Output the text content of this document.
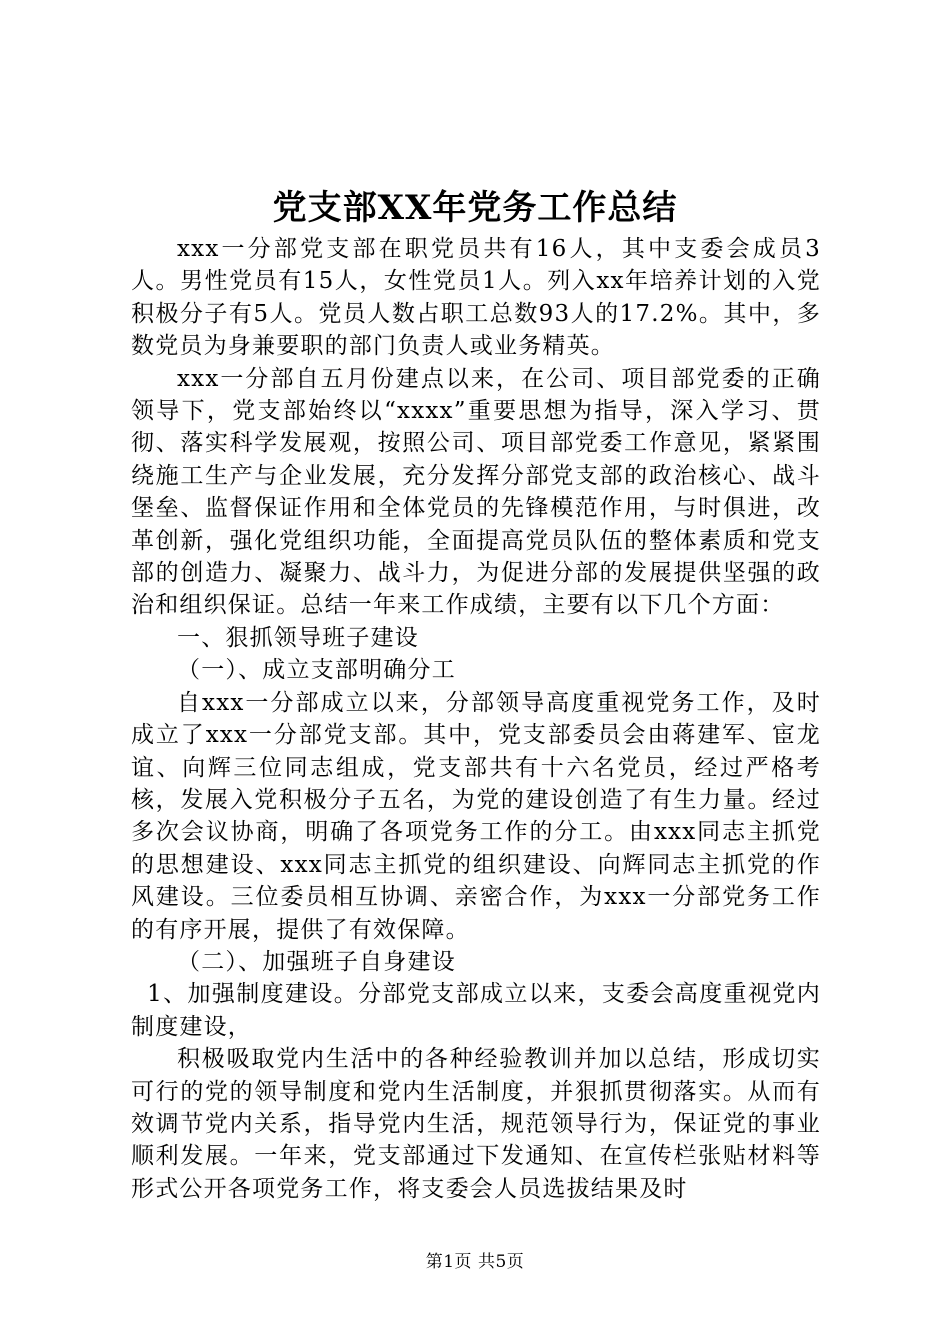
党支部XX年党务工作总结

xxx一分部党支部在职党员共有16人，其中支委会成员3人。男性党员有15人，女性党员1人。列入xx年培养计划的入党积极分子有5人。党员人数占职工总数93人的17.2%。其中，多数党员为身兼要职的部门负责人或业务精英。

xxx一分部自五月份建点以来，在公司、项目部党委的正确领导下，党支部始终以“xxxx”重要思想为指导，深入学习、贯彻、落实科学发展观，按照公司、项目部党委工作意见，紧紧围绕施工生产与企业发展，充分发挥分部党支部的政治核心、战斗堡垒、监督保证作用和全体党员的先锋模范作用，与时俱进，改革创新，强化党组织功能，全面提高党员队伍的整体素质和党支部的创造力、凝聚力、战斗力，为促进分部的发展提供坚强的政治和组织保证。总结一年来工作成绩，主要有以下几个方面：

一、狠抓领导班子建设

（一）、成立支部明确分工

自xxx一分部成立以来，分部领导高度重视党务工作，及时成立了xxx一分部党支部。其中，党支部委员会由蒋建军、宦龙谊、向辉三位同志组成，党支部共有十六名党员，经过严格考核，发展入党积极分子五名，为党的建设创造了有生力量。经过多次会议协商，明确了各项党务工作的分工。由xxx同志主抓党的思想建设、xxx同志主抓党的组织建设、向辉同志主抓党的作风建设。三位委员相互协调、亲密合作，为xxx一分部党务工作的有序开展，提供了有效保障。

（二）、加强班子自身建设

1、加强制度建设。分部党支部成立以来，支委会高度重视党内制度建设，

积极吸取党内生活中的各种经验教训并加以总结，形成切实可行的党的领导制度和党内生活制度，并狠抓贯彻落实。从而有效调节党内关系，指导党内生活，规范领导行为，保证党的事业顺利发展。一年来，党支部通过下发通知、在宣传栏张贴材料等形式公开各项党务工作，将支委会人员选拔结果及时

第1页 共5页
